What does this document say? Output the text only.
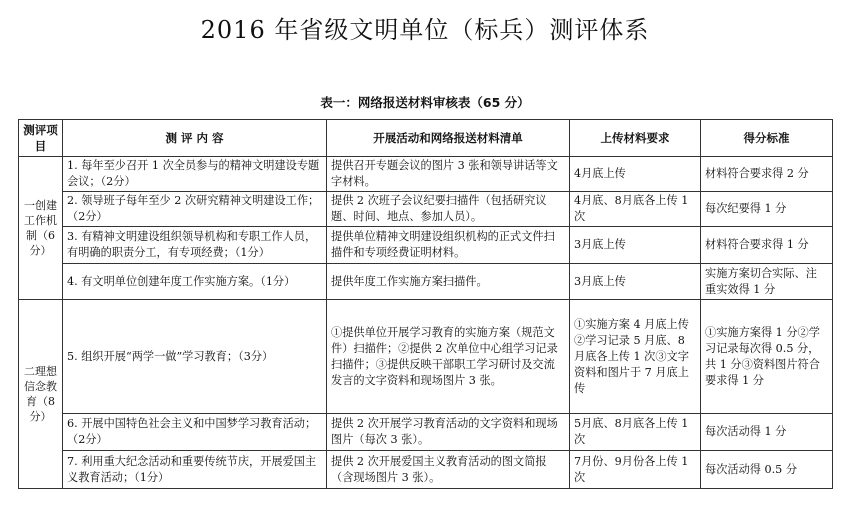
2016 年省级文明单位（标兵）测评体系
表一：网络报送材料审核表（65 分）
测评项目	测 评 内 容	开展活动和网络报送材料清单	上传材料要求	得分标准
一创建工作机制（6分）	1. 每年至少召开 1 次全员参与的精神文明建设专题会议；（2分）	提供召开专题会议的图片 3 张和领导讲话等文字材料。	4月底上传	材料符合要求得 2 分
	2. 领导班子每年至少 2 次研究精神文明建设工作；（2分）	提供 2 次班子会议纪要扫描件（包括研究议题、时间、地点、参加人员）。	4月底、8月底各上传 1 次	每次纪要得 1 分
	3. 有精神文明建设组织领导机构和专职工作人员，有明确的职责分工，有专项经费；（1分）	提供单位精神文明建设组织机构的正式文件扫描件和专项经费证明材料。	3月底上传	材料符合要求得 1 分
	4. 有文明单位创建年度工作实施方案。（1分）	提供年度工作实施方案扫描件。	3月底上传	实施方案切合实际、注重实效得 1 分
二理想信念教育（8分）	5. 组织开展“两学一做”学习教育；（3分）	①提供单位开展学习教育的实施方案（规范文件）扫描件；②提供 2 次单位中心组学习记录扫描件；③提供反映干部职工学习研讨及交流发言的文字资料和现场图片 3 张。	①实施方案 4 月底上传②学习记录 5 月底、8 月底各上传 1 次③文字资料和图片于 7 月底上传	①实施方案得 1 分②学习记录每次得 0.5 分，共 1 分③资料图片符合要求得 1 分
	6. 开展中国特色社会主义和中国梦学习教育活动；（2分）	提供 2 次开展学习教育活动的文字资料和现场图片（每次 3 张）。	5月底、8月底各上传 1 次	每次活动得 1 分
	7. 利用重大纪念活动和重要传统节庆，开展爱国主义教育活动；（1分）	提供 2 次开展爱国主义教育活动的图文简报（含现场图片 3 张）。	7月份、9月份各上传 1 次	每次活动得 0.5 分
